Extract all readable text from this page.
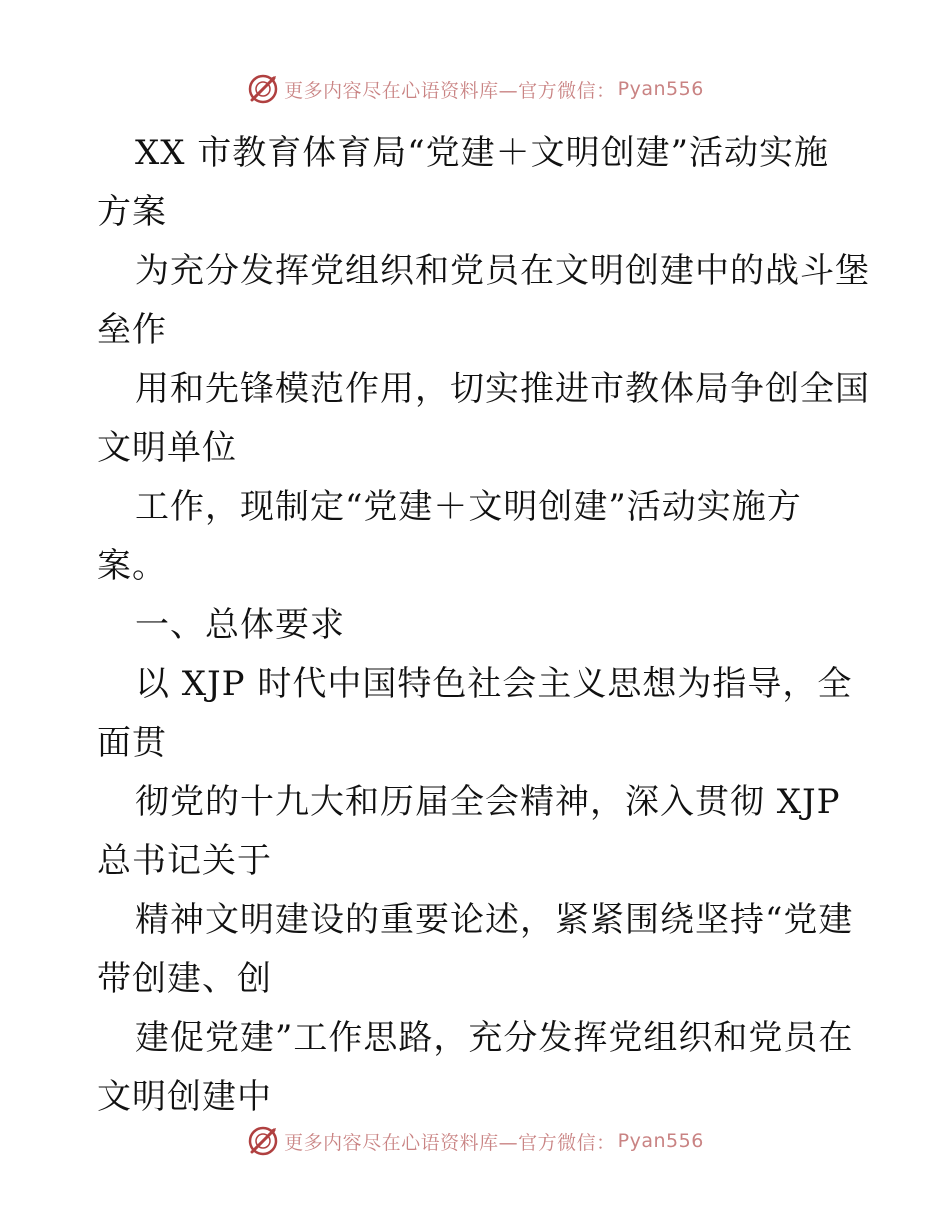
更多内容尽在心语资料库—官方微信： Pyan556
XX 市教育体育局“党建＋文明创建”活动实施
方案
为充分发挥党组织和党员在文明创建中的战斗堡
垒作
用和先锋模范作用，切实推进市教体局争创全国
文明单位
工作，现制定“党建＋文明创建”活动实施方
案。
一、总体要求
以 XJP 时代中国特色社会主义思想为指导，全
面贯
彻党的十九大和历届全会精神，深入贯彻 XJP
总书记关于
精神文明建设的重要论述，紧紧围绕坚持“党建
带创建、创
建促党建”工作思路，充分发挥党组织和党员在
文明创建中
更多内容尽在心语资料库—官方微信： Pyan556
